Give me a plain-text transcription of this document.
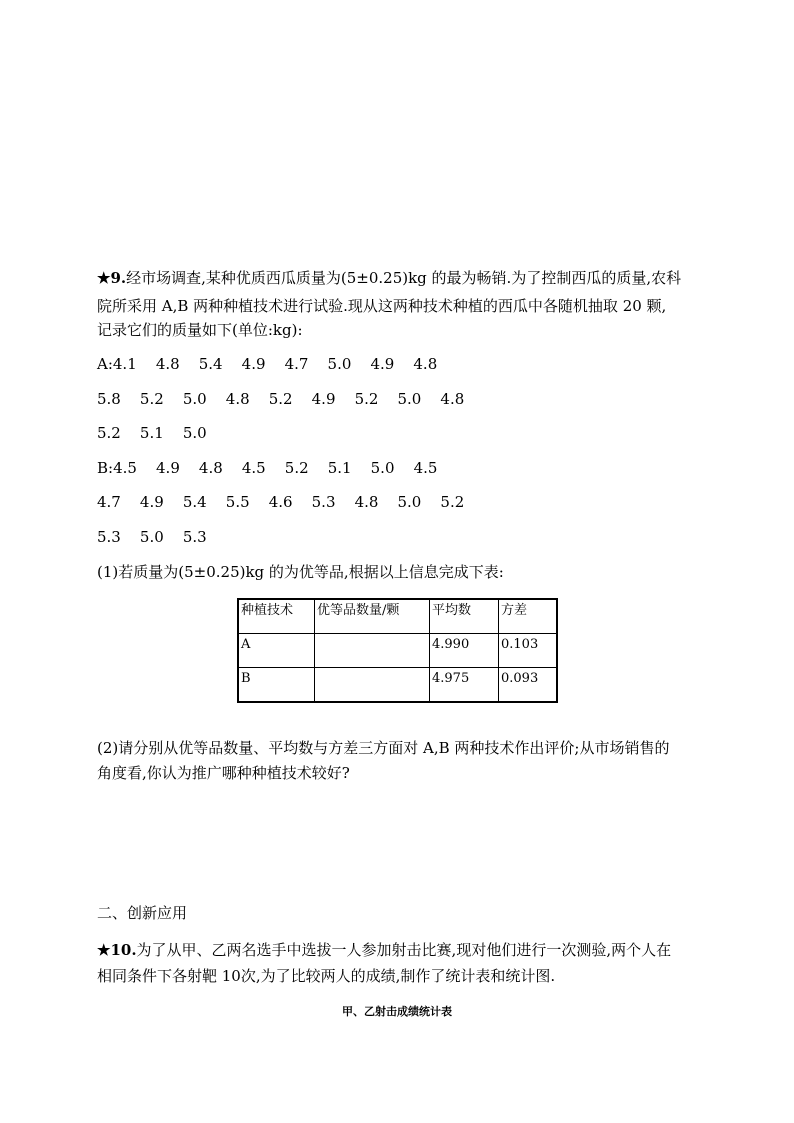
★9.经市场调查,某种优质西瓜质量为(5±0.25)kg 的最为畅销.为了控制西瓜的质量,农科
院所采用 A,B 两种种植技术进行试验.现从这两种技术种植的西瓜中各随机抽取 20 颗,
记录它们的质量如下(单位:kg):
A:4.1    4.8    5.4    4.9    4.7    5.0    4.9    4.8
5.8    5.2    5.0    4.8    5.2    4.9    5.2    5.0    4.8
5.2    5.1    5.0
B:4.5    4.9    4.8    4.5    5.2    5.1    5.0    4.5
4.7    4.9    5.4    5.5    4.6    5.3    4.8    5.0    5.2
5.3    5.0    5.3
(1)若质量为(5±0.25)kg 的为优等品,根据以上信息完成下表:
种植技术	优等品数量/颗	平均数	方差
A		4.990	0.103
B		4.975	0.093
(2)请分别从优等品数量、平均数与方差三方面对 A,B 两种技术作出评价;从市场销售的
角度看,你认为推广哪种种植技术较好?
二、创新应用
★10.为了从甲、乙两名选手中选拔一人参加射击比赛,现对他们进行一次测验,两个人在
相同条件下各射靶 10次,为了比较两人的成绩,制作了统计表和统计图.
甲、乙射击成绩统计表
